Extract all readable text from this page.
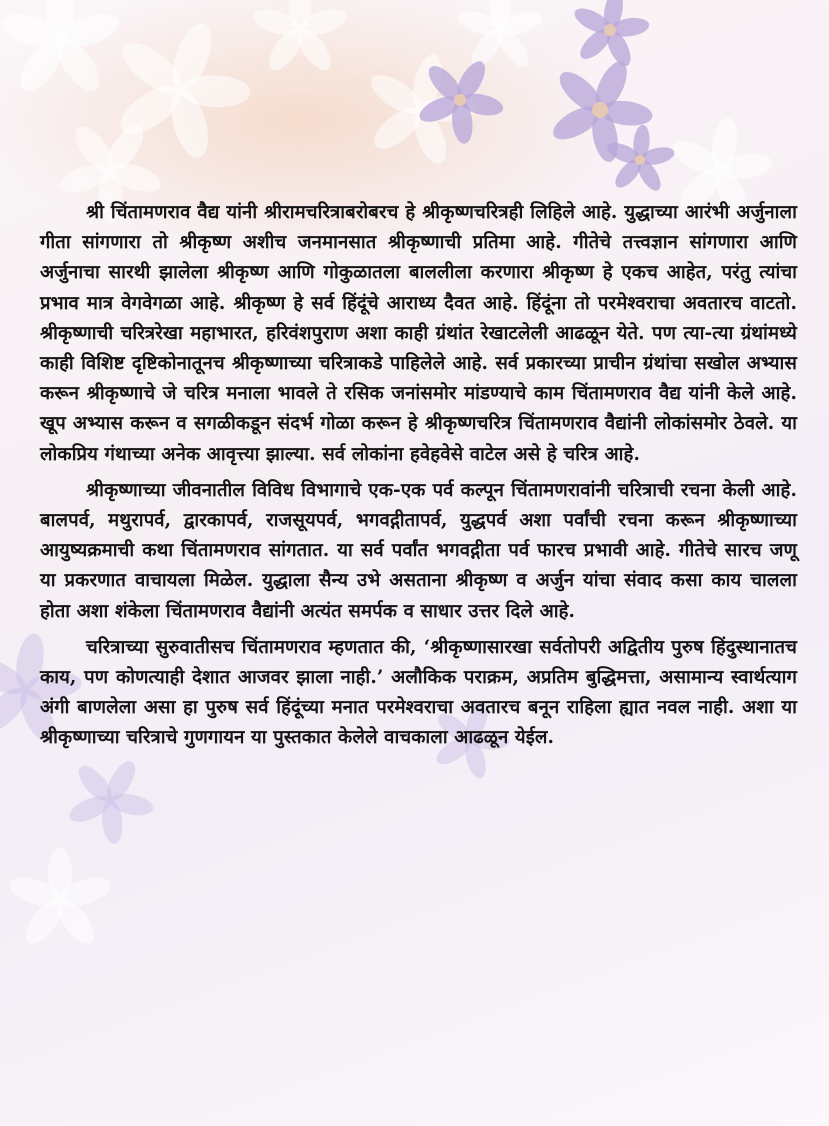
श्री चिंतामणराव वैद्य यांनी श्रीरामचरित्राबरोबरच हे श्रीकृष्णचरित्रही लिहिले आहे. युद्धाच्या आरंभी अर्जुनाला गीता सांगणारा तो श्रीकृष्ण अशीच जनमानसात श्रीकृष्णाची प्रतिमा आहे. गीतेचे तत्त्वज्ञान सांगणारा आणि अर्जुनाचा सारथी झालेला श्रीकृष्ण आणि गोकुळातला बाललीला करणारा श्रीकृष्ण हे एकच आहेत, परंतु त्यांचा प्रभाव मात्र वेगवेगळा आहे. श्रीकृष्ण हे सर्व हिंदूंचे आराध्य दैवत आहे. हिंदूंना तो परमेश्वराचा अवतारच वाटतो. श्रीकृष्णाची चरित्ररेखा महाभारत, हरिवंशपुराण अशा काही ग्रंथांत रेखाटलेली आढळून येते. पण त्या-त्या ग्रंथांमध्ये काही विशिष्ट दृष्टिकोनातूनच श्रीकृष्णाच्या चरित्राकडे पाहिलेले आहे. सर्व प्रकारच्या प्राचीन ग्रंथांचा सखोल अभ्यास करून श्रीकृष्णाचे जे चरित्र मनाला भावले ते रसिक जनांसमोर मांडण्याचे काम चिंतामणराव वैद्य यांनी केले आहे. खूप अभ्यास करून व सगळीकडून संदर्भ गोळा करून हे श्रीकृष्णचरित्र चिंतामणराव वैद्यांनी लोकांसमोर ठेवले. या लोकप्रिय गंथाच्या अनेक आवृत्त्या झाल्या. सर्व लोकांना हवेहवेसे वाटेल असे हे चरित्र आहे.

श्रीकृष्णाच्या जीवनातील विविध विभागाचे एक-एक पर्व कल्पून चिंतामणरावांनी चरित्राची रचना केली आहे. बालपर्व, मथुरापर्व, द्वारकापर्व, राजसूयपर्व, भगवद्गीतापर्व, युद्धपर्व अशा पर्वांची रचना करून श्रीकृष्णाच्या आयुष्यक्रमाची कथा चिंतामणराव सांगतात. या सर्व पर्वांत भगवद्गीता पर्व फारच प्रभावी आहे. गीतेचे सारच जणू या प्रकरणात वाचायला मिळेल. युद्धाला सैन्य उभे असताना श्रीकृष्ण व अर्जुन यांचा संवाद कसा काय चालला होता अशा शंकेला चिंतामणराव वैद्यांनी अत्यंत समर्पक व साधार उत्तर दिले आहे.

चरित्राच्या सुरुवातीसच चिंतामणराव म्हणतात की, ‘श्रीकृष्णासारखा सर्वतोपरी अद्वितीय पुरुष हिंदुस्थानातच काय, पण कोणत्याही देशात आजवर झाला नाही.’ अलौकिक पराक्रम, अप्रतिम बुद्धिमत्ता, असामान्य स्वार्थत्याग अंगी बाणलेला असा हा पुरुष सर्व हिंदूंच्या मनात परमेश्वराचा अवतारच बनून राहिला ह्यात नवल नाही. अशा या श्रीकृष्णाच्या चरित्राचे गुणगायन या पुस्तकात केलेले वाचकाला आढळून येईल.
